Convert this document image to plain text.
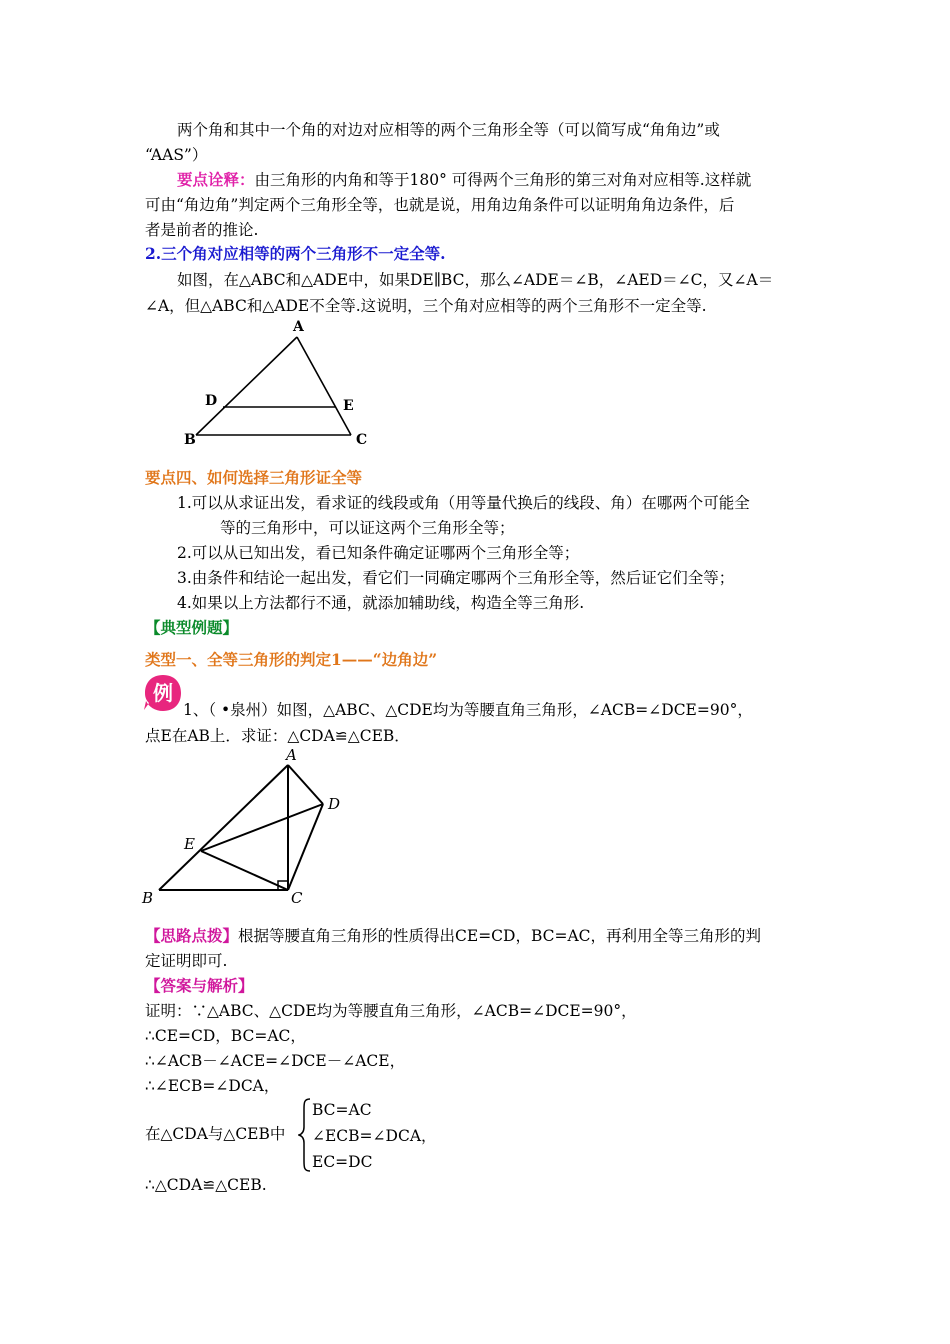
两个角和其中一个角的对边对应相等的两个三角形全等（可以简写成“角角边”或
“AAS”）
要点诠释：由三角形的内角和等于180° 可得两个三角形的第三对角对应相等.这样就
可由“角边角”判定两个三角形全等，也就是说，用角边角条件可以证明角角边条件，后
者是前者的推论.
2.三个角对应相等的两个三角形不一定全等.
如图，在△ABC和△ADE中，如果DE∥BC，那么∠ADE＝∠B，∠AED＝∠C，又∠A＝
∠A，但△ABC和△ADE不全等.这说明，三个角对应相等的两个三角形不一定全等.
A
D	E
B	C
要点四、如何选择三角形证全等
1.可以从求证出发，看求证的线段或角（用等量代换后的线段、角）在哪两个可能全
等的三角形中，可以证这两个三角形全等；
2.可以从已知出发，看已知条件确定证哪两个三角形全等；
3.由条件和结论一起出发，看它们一同确定哪两个三角形全等，然后证它们全等；
4.如果以上方法都行不通，就添加辅助线，构造全等三角形.
【典型例题】
类型一、全等三角形的判定1——“边角边”
例
1、（ •泉州）如图，△ABC、△CDE均为等腰直角三角形，∠ACB=∠DCE=90°，
点E在AB上．求证：△CDA≌△CEB．
A
D
E
B	C
【思路点拨】根据等腰直角三角形的性质得出CE=CD，BC=AC，再利用全等三角形的判
定证明即可.
【答案与解析】
证明：∵△ABC、△CDE均为等腰直角三角形，∠ACB=∠DCE=90°，
∴CE=CD，BC=AC，
∴∠ACB－∠ACE=∠DCE－∠ACE，
∴∠ECB=∠DCA，
在△CDA与△CEB中
BC=AC
∠ECB=∠DCA，
EC=DC
∴△CDA≌△CEB.
